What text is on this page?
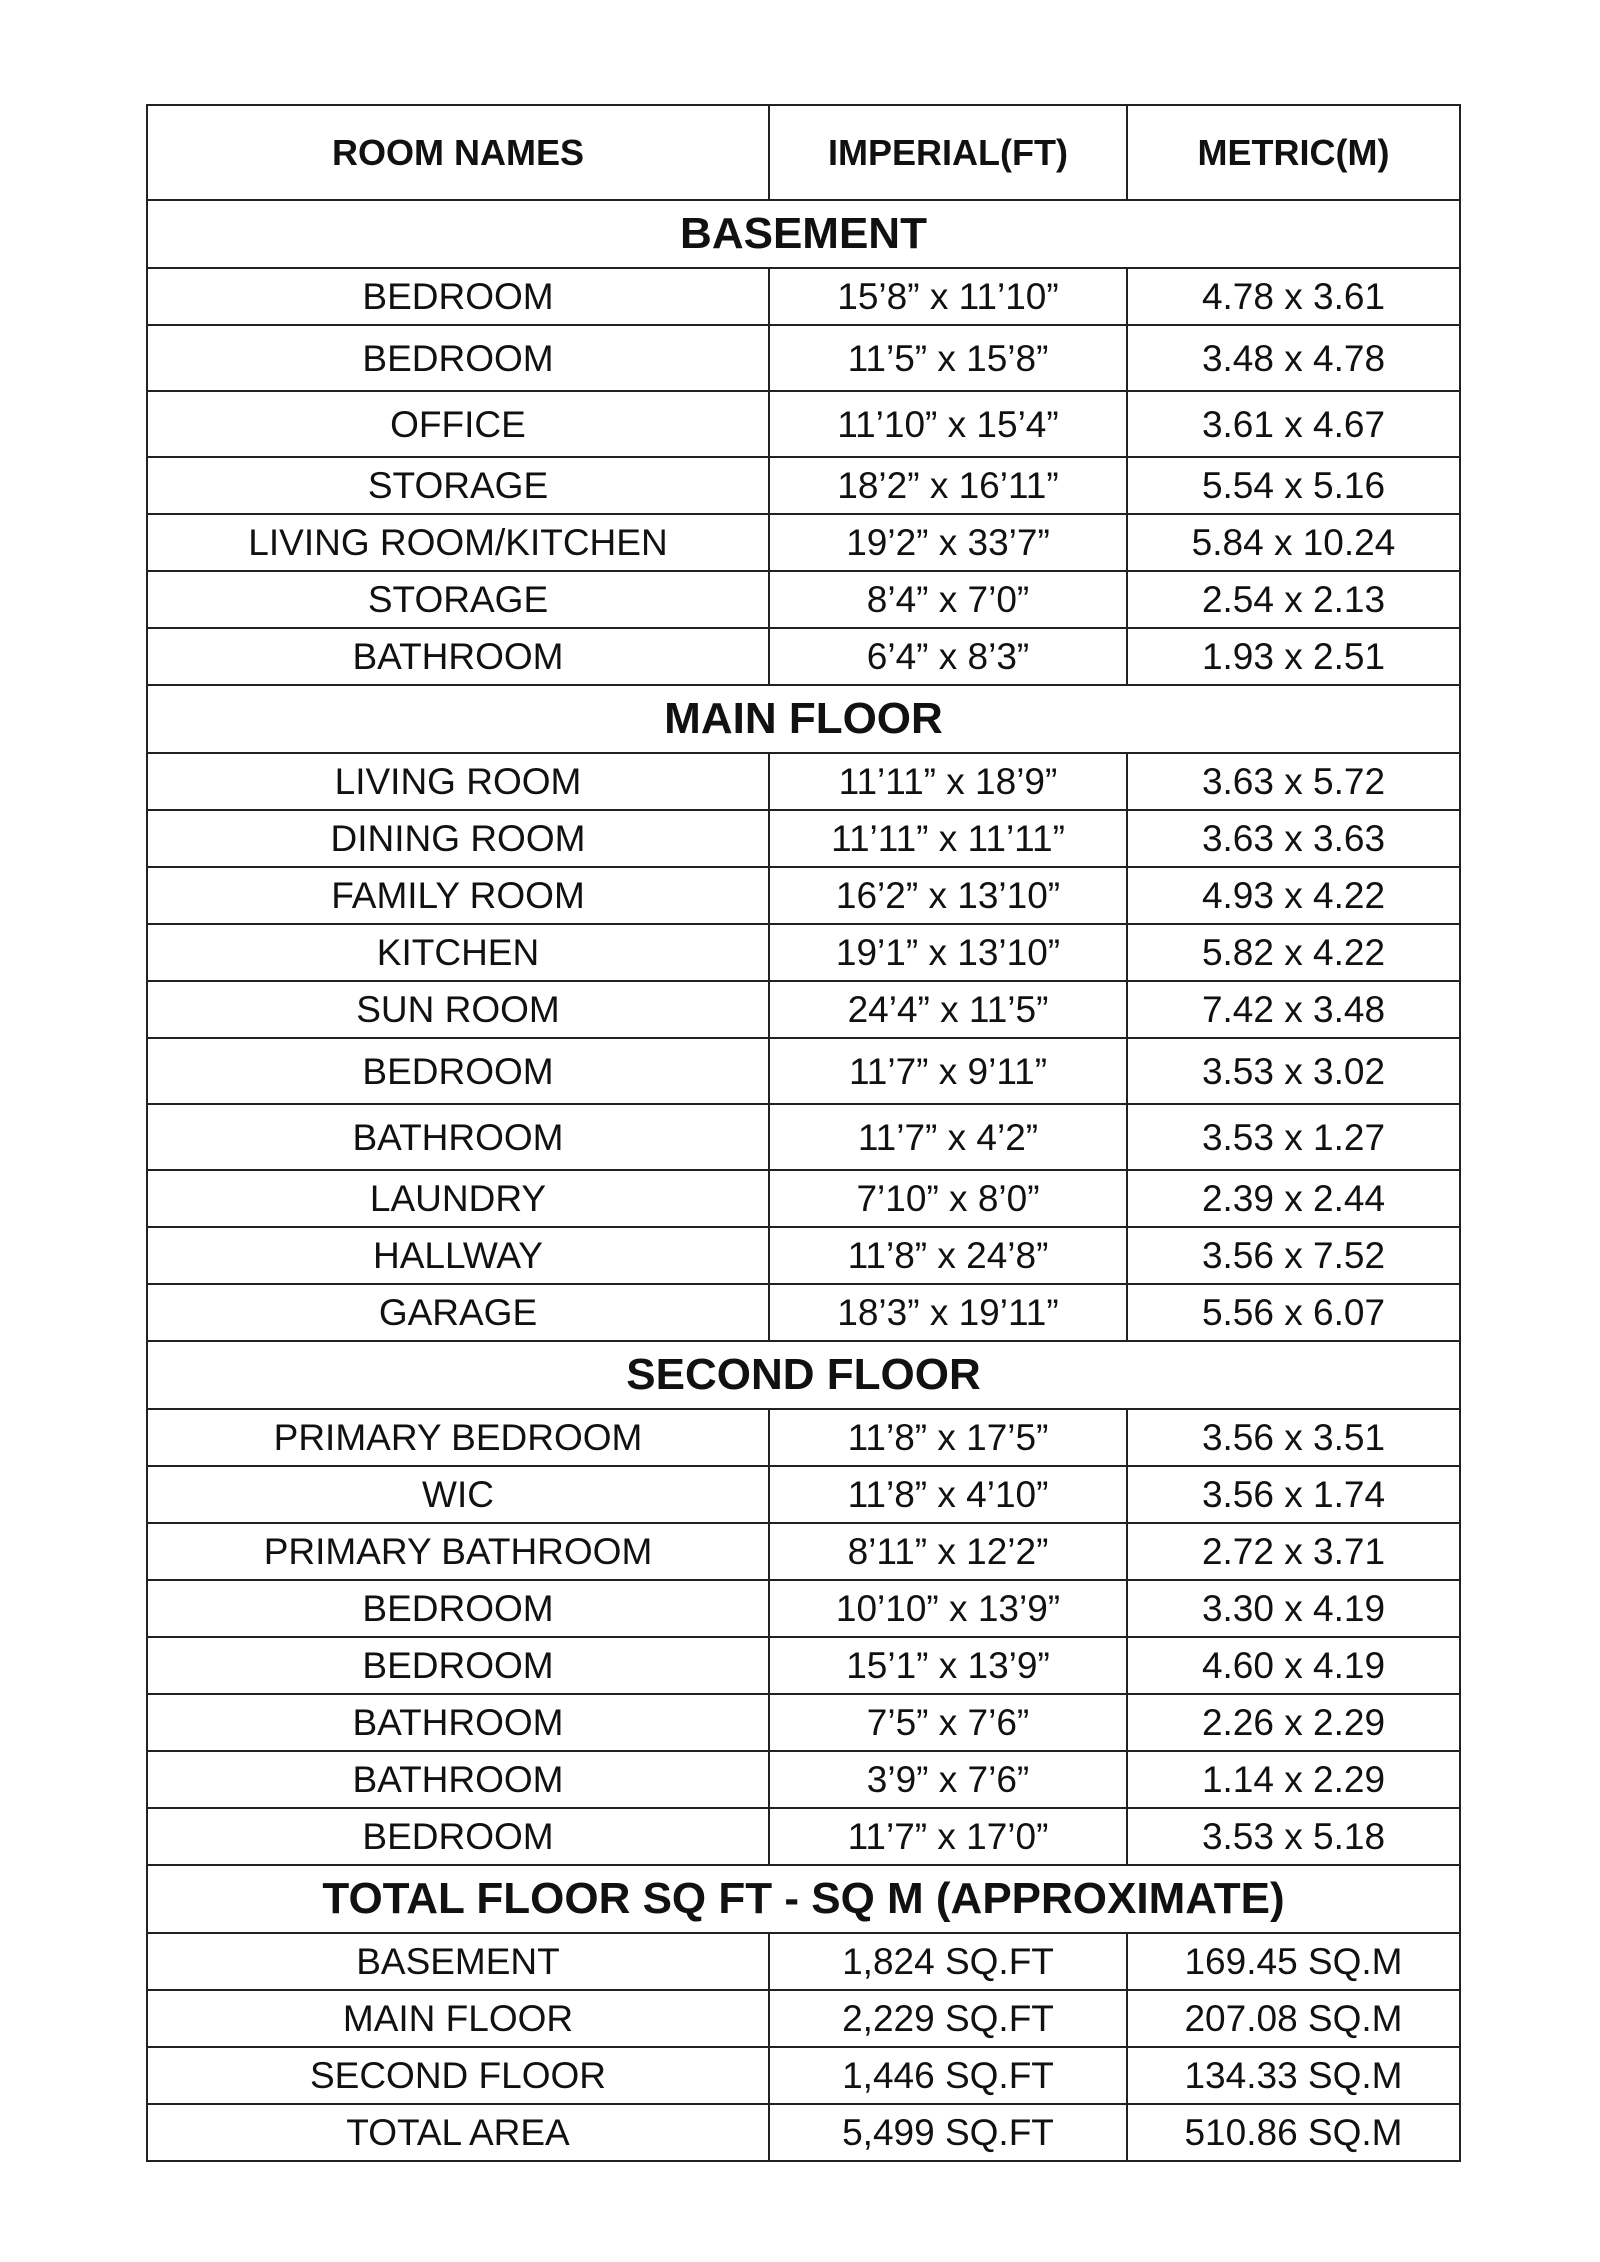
ROOM NAMES	IMPERIAL(FT)	METRIC(M)
BASEMENT		
BEDROOM	15’8” x 11’10”	4.78 x 3.61
BEDROOM	11’5” x 15’8”	3.48 x 4.78
OFFICE	11’10” x 15’4”	3.61 x 4.67
STORAGE	18’2” x 16’11”	5.54 x 5.16
LIVING ROOM/KITCHEN	19’2” x 33’7”	5.84 x 10.24
STORAGE	8’4” x 7’0”	2.54 x 2.13
BATHROOM	6’4” x 8’3”	1.93 x 2.51
MAIN FLOOR		
LIVING ROOM	11’11” x 18’9”	3.63 x 5.72
DINING ROOM	11’11” x 11’11”	3.63 x 3.63
FAMILY ROOM	16’2” x 13’10”	4.93 x 4.22
KITCHEN	19’1” x 13’10”	5.82 x 4.22
SUN ROOM	24’4” x 11’5”	7.42 x 3.48
BEDROOM	11’7” x 9’11”	3.53 x 3.02
BATHROOM	11’7” x 4’2”	3.53 x 1.27
LAUNDRY	7’10” x 8’0”	2.39 x 2.44
HALLWAY	11’8” x 24’8”	3.56 x 7.52
GARAGE	18’3” x 19’11”	5.56 x 6.07
SECOND FLOOR		
PRIMARY BEDROOM	11’8” x 17’5”	3.56 x 3.51
WIC	11’8” x 4’10”	3.56 x 1.74
PRIMARY BATHROOM	8’11” x 12’2”	2.72 x 3.71
BEDROOM	10’10” x 13’9”	3.30 x 4.19
BEDROOM	15’1” x 13’9”	4.60 x 4.19
BATHROOM	7’5” x 7’6”	2.26 x 2.29
BATHROOM	3’9” x 7’6”	1.14 x 2.29
BEDROOM	11’7” x 17’0”	3.53 x 5.18
TOTAL FLOOR SQ FT - SQ M (APPROXIMATE)		
BASEMENT	1,824 SQ.FT	169.45 SQ.M
MAIN FLOOR	2,229 SQ.FT	207.08 SQ.M
SECOND FLOOR	1,446 SQ.FT	134.33 SQ.M
TOTAL AREA	5,499 SQ.FT	510.86 SQ.M
